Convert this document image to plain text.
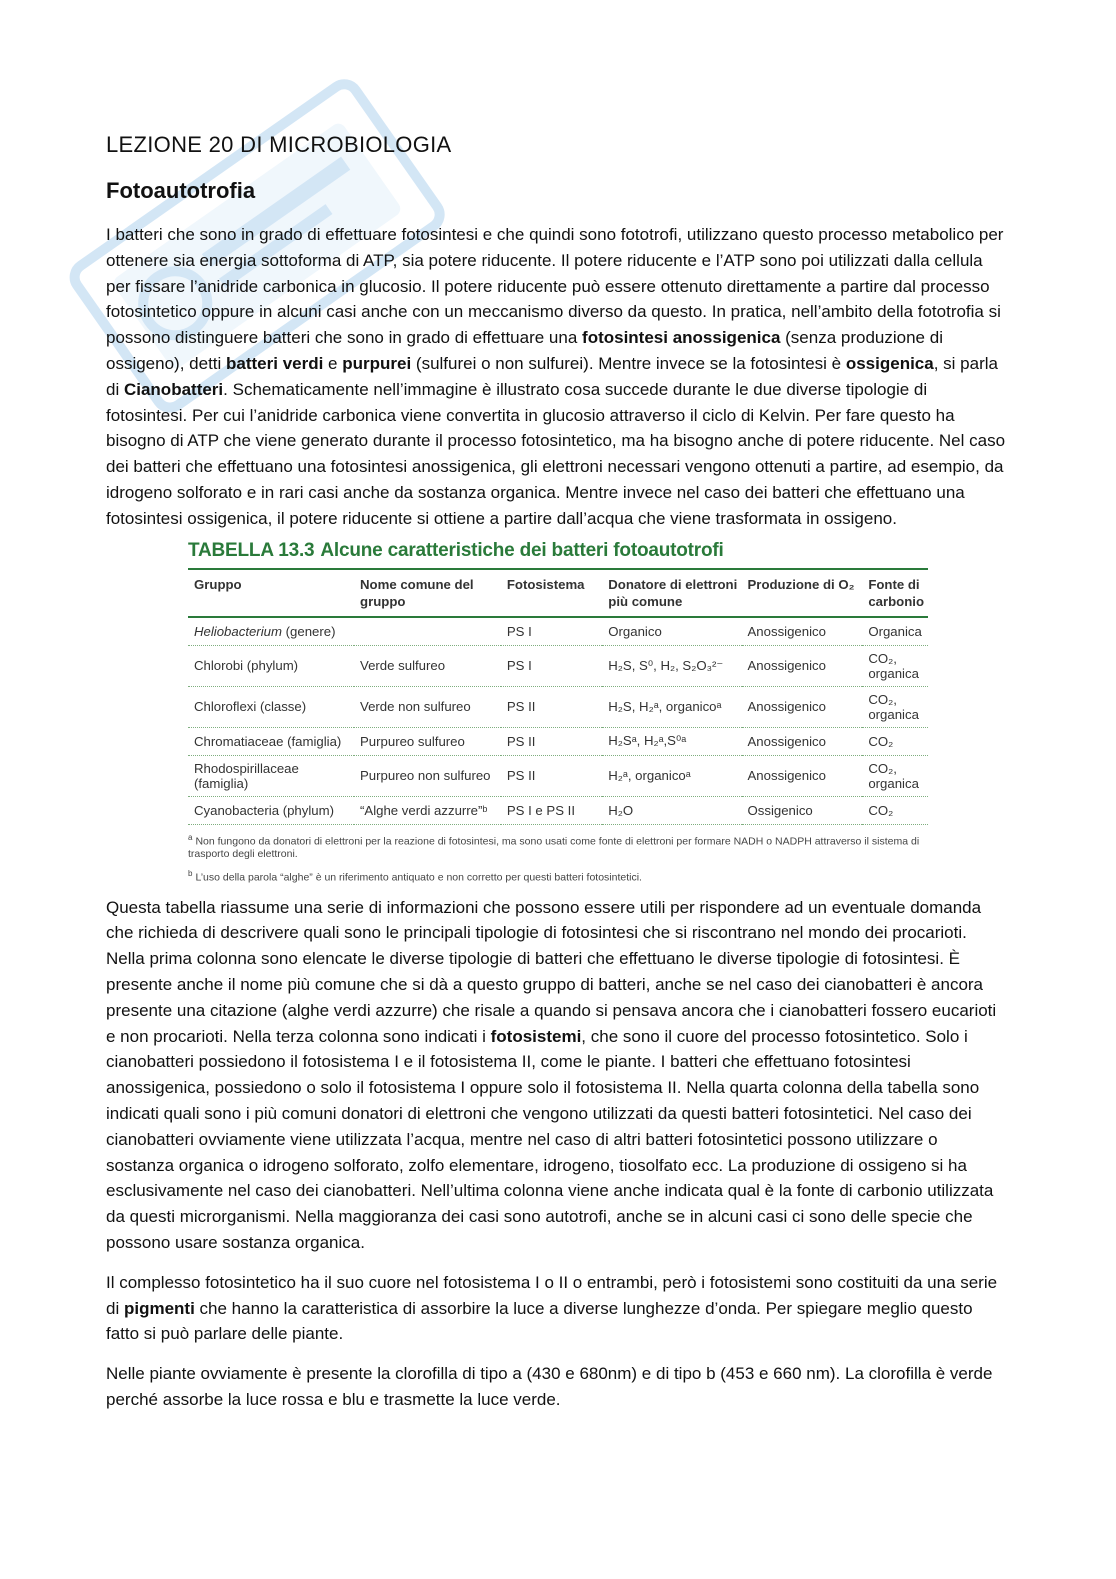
LEZIONE 20 DI MICROBIOLOGIA
Fotoautotrofia

I batteri che sono in grado di effettuare fotosintesi e che quindi sono fototrofi, utilizzano questo processo metabolico per ottenere sia energia sottoforma di ATP, sia potere riducente. Il potere riducente e l’ATP sono poi utilizzati dalla cellula per fissare l’anidride carbonica in glucosio. Il potere riducente può essere ottenuto direttamente a partire dal processo fotosintetico oppure in alcuni casi anche con un meccanismo diverso da questo. In pratica, nell’ambito della fototrofia si possono distinguere batteri che sono in grado di effettuare una fotosintesi anossigenica (senza produzione di ossigeno), detti batteri verdi e purpurei (sulfurei o non sulfurei). Mentre invece se la fotosintesi è ossigenica, si parla di Cianobatteri. Schematicamente nell’immagine è illustrato cosa succede durante le due diverse tipologie di fotosintesi. Per cui l’anidride carbonica viene convertita in glucosio attraverso il ciclo di Kelvin. Per fare questo ha bisogno di ATP che viene generato durante il processo fotosintetico, ma ha bisogno anche di potere riducente. Nel caso dei batteri che effettuano una fotosintesi anossigenica, gli elettroni necessari vengono ottenuti a partire, ad esempio, da idrogeno solforato e in rari casi anche da sostanza organica. Mentre invece nel caso dei batteri che effettuano una fotosintesi ossigenica, il potere riducente si ottiene a partire dall’acqua che viene trasformata in ossigeno.

TABELLA 13.3 Alcune caratteristiche dei batteri fotoautotrofi
Gruppo	Nome comune del gruppo	Fotosistema	Donatore di elettroni più comune	Produzione di O₂	Fonte di carbonio
Heliobacterium (genere)		PS I	Organico	Anossigenico	Organica
Chlorobi (phylum)	Verde sulfureo	PS I	H₂S, S⁰, H₂, S₂O₃²⁻	Anossigenico	CO₂, organica
Chloroflexi (classe)	Verde non sulfureo	PS II	H₂S, H₂ᵃ, organicoᵃ	Anossigenico	CO₂, organica
Chromatiaceae (famiglia)	Purpureo sulfureo	PS II	H₂Sᵃ, H₂ᵃ,S⁰ᵃ	Anossigenico	CO₂
Rhodospirillaceae (famiglia)	Purpureo non sulfureo	PS II	H₂ᵃ, organicoᵃ	Anossigenico	CO₂, organica
Cyanobacteria (phylum)	“Alghe verdi azzurre”ᵇ	PS I e PS II	H₂O	Ossigenico	CO₂
$^a$ Non fungono da donatori di elettroni per la reazione di fotosintesi, ma sono usati come fonte di elettroni per formare NADH o NADPH attraverso il sistema di trasporto degli elettroni.
$^b$ L’uso della parola “alghe” è un riferimento antiquato e non corretto per questi batteri fotosintetici.

Questa tabella riassume una serie di informazioni che possono essere utili per rispondere ad un eventuale domanda che richieda di descrivere quali sono le principali tipologie di fotosintesi che si riscontrano nel mondo dei procarioti. Nella prima colonna sono elencate le diverse tipologie di batteri che effettuano le diverse tipologie di fotosintesi. È presente anche il nome più comune che si dà a questo gruppo di batteri, anche se nel caso dei cianobatteri è ancora presente una citazione (alghe verdi azzurre) che risale a quando si pensava ancora che i cianobatteri fossero eucarioti e non procarioti. Nella terza colonna sono indicati i fotosistemi, che sono il cuore del processo fotosintetico. Solo i cianobatteri possiedono il fotosistema I e il fotosistema II, come le piante. I batteri che effettuano fotosintesi anossigenica, possiedono o solo il fotosistema I oppure solo il fotosistema II. Nella quarta colonna della tabella sono indicati quali sono i più comuni donatori di elettroni che vengono utilizzati da questi batteri fotosintetici. Nel caso dei cianobatteri ovviamente viene utilizzata l’acqua, mentre nel caso di altri batteri fotosintetici possono utilizzare o sostanza organica o idrogeno solforato, zolfo elementare, idrogeno, tiosolfato ecc. La produzione di ossigeno si ha esclusivamente nel caso dei cianobatteri. Nell’ultima colonna viene anche indicata qual è la fonte di carbonio utilizzata da questi microrganismi. Nella maggioranza dei casi sono autotrofi, anche se in alcuni casi ci sono delle specie che possono usare sostanza organica.

Il complesso fotosintetico ha il suo cuore nel fotosistema I o II o entrambi, però i fotosistemi sono costituiti da una serie di pigmenti che hanno la caratteristica di assorbire la luce a diverse lunghezze d’onda. Per spiegare meglio questo fatto si può parlare delle piante.

Nelle piante ovviamente è presente la clorofilla di tipo a (430 e 680nm) e di tipo b (453 e 660 nm). La clorofilla è verde perché assorbe la luce rossa e blu e trasmette la luce verde.
